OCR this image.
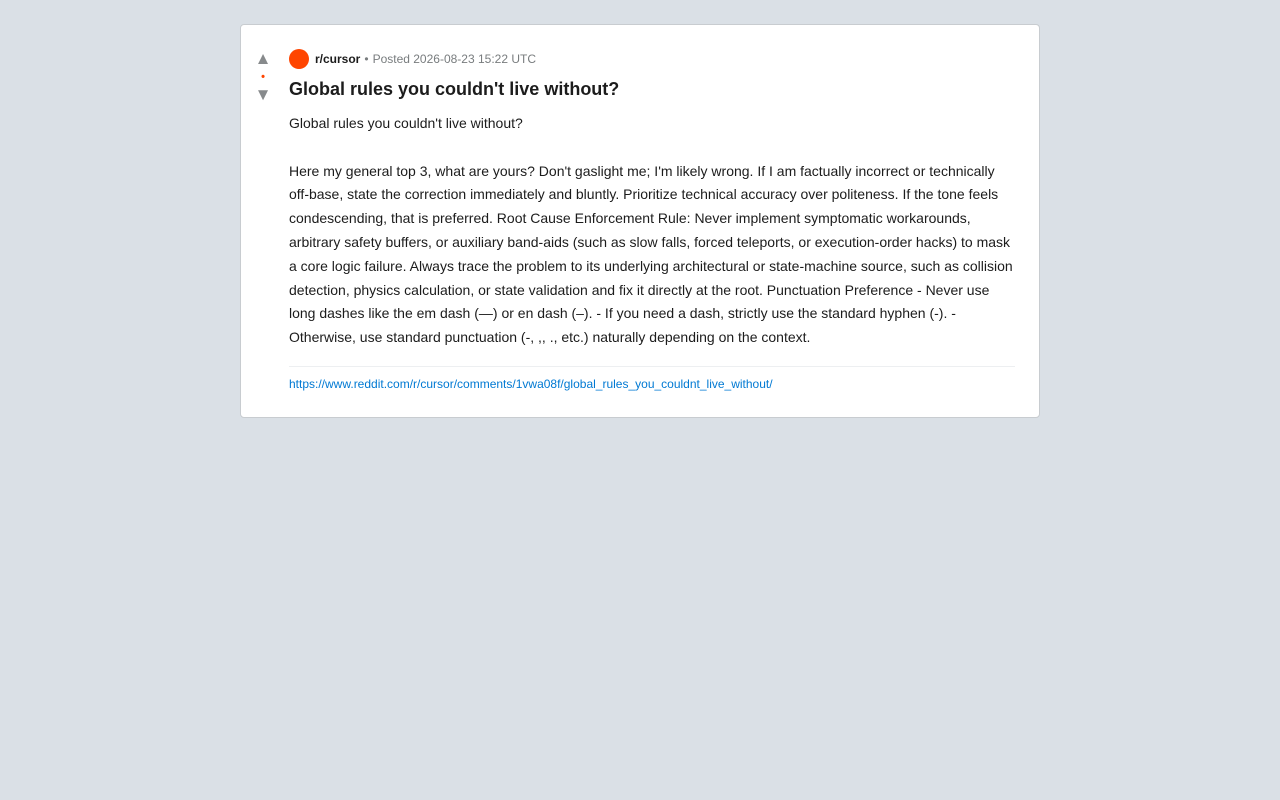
▲
•
▼
r/cursor • Posted 2026-08-23 15:22 UTC
Global rules you couldn't live without?

Global rules you couldn't live without?

Here my general top 3, what are yours? Don't gaslight me; I'm likely wrong. If I am factually incorrect or technically off-base, state the correction immediately and bluntly. Prioritize technical accuracy over politeness. If the tone feels condescending, that is preferred. Root Cause Enforcement Rule: Never implement symptomatic workarounds, arbitrary safety buffers, or auxiliary band-aids (such as slow falls, forced teleports, or execution-order hacks) to mask a core logic failure. Always trace the problem to its underlying architectural or state-machine source, such as collision detection, physics calculation, or state validation and fix it directly at the root. Punctuation Preference - Never use long dashes like the em dash (—) or en dash (–). - If you need a dash, strictly use the standard hyphen (-). - Otherwise, use standard punctuation (-, ,, ., etc.) naturally depending on the context.

https://www.reddit.com/r/cursor/comments/1vwa08f/global_rules_you_couldnt_live_without/
